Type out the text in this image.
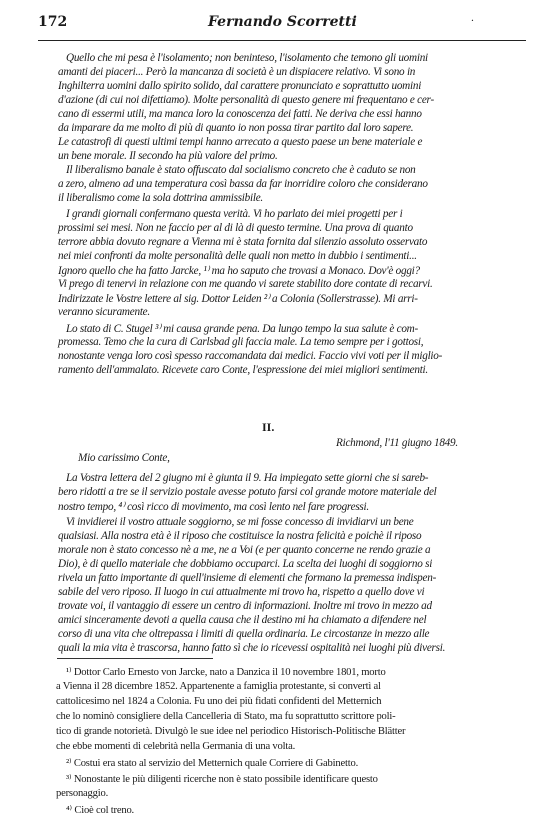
172	Fernando Scorretti	·
Quello che mi pesa è l'isolamento; non beninteso, l'isolamento che temono gli uomini
amanti dei piaceri... Però la mancanza di società è un dispiacere relativo. Vi sono in
Inghilterra uomini dallo spirito solido, dal carattere pronunciato e soprattutto uomini
d'azione (di cui noi difettiamo). Molte personalità di questo genere mi frequentano e cer-
cano di essermi utili, ma manca loro la conoscenza dei fatti. Ne deriva che essi hanno
da imparare da me molto di più di quanto io non possa tirar partito dal loro sapere.
Le catastrofi di questi ultimi tempi hanno arrecato a questo paese un bene materiale e
un bene morale. Il secondo ha più valore del primo.
Il liberalismo banale è stato offuscato dal socialismo concreto che è caduto se non
a zero, almeno ad una temperatura così bassa da far inorridire coloro che considerano
il liberalismo come la sola dottrina ammissibile.
I grandi giornali confermano questa verità. Vi ho parlato dei miei progetti per i
prossimi sei mesi. Non ne faccio per al di là di questo termine. Una prova di quanto
terrore abbia dovuto regnare a Vienna mi è stata fornita dal silenzio assoluto osservato
nei miei confronti da molte personalità delle quali non metto in dubbio i sentimenti...
Ignoro quello che ha fatto Jarcke, ¹⁾ ma ho saputo che trovasi a Monaco. Dov'è oggi?
Vi prego di tenervi in relazione con me quando vi sarete stabilito dore contate di recarvi.
Indirizzate le Vostre lettere al sig. Dottor Leiden ²⁾ a Colonia (Sollerstrasse). Mi arri-
veranno sicuramente.
Lo stato di C. Stugel ³⁾ mi causa grande pena. Da lungo tempo la sua salute è com-
promessa. Temo che la cura di Carlsbad gli faccia male. La temo sempre per i gottosi,
nonostante venga loro così spesso raccomandata dai medici. Faccio vivi voti per il miglio-
ramento dell'ammalato. Ricevete caro Conte, l'espressione dei miei migliori sentimenti.
II.
Richmond, l'11 giugno 1849.
Mio carissimo Conte,
La Vostra lettera del 2 giugno mi è giunta il 9. Ha impiegato sette giorni che si sareb-
bero ridotti a tre se il servizio postale avesse potuto farsi col grande motore materiale del
nostro tempo, ⁴⁾ così ricco di movimento, ma così lento nel fare progressi.
Vi invidierei il vostro attuale soggiorno, se mi fosse concesso di invidiarvi un bene
qualsiasi. Alla nostra età è il riposo che costituisce la nostra felicità e poichè il riposo
morale non è stato concesso nè a me, ne a Voi (e per quanto concerne ne rendo grazie a
Dio), è di quello materiale che dobbiamo occuparci. La scelta dei luoghi di soggiorno si
rivela un fatto importante di quell'insieme di elementi che formano la premessa indispen-
sabile del vero riposo. Il luogo in cui attualmente mi trovo ha, rispetto a quello dove vi
trovate voi, il vantaggio di essere un centro di informazioni. Inoltre mi trovo in mezzo ad
amici sinceramente devoti a quella causa che il destino mi ha chiamato a difendere nel
corso di una vita che oltrepassa i limiti di quella ordinaria. Le circostanze in mezzo alle
quali la mia vita è trascorsa, hanno fatto sì che io ricevessi ospitalità nei luoghi più diversi.
¹⁾ Dottor Carlo Ernesto von Jarcke, nato a Danzica il 10 novembre 1801, morto
a Vienna il 28 dicembre 1852. Appartenente a famiglia protestante, si convertì al
cattolicesimo nel 1824 a Colonia. Fu uno dei più fidati confidenti del Metternich
che lo nominò consigliere della Cancelleria di Stato, ma fu soprattutto scrittore poli-
tico di grande notorietà. Divulgò le sue idee nel periodico Historisch-Politische Blätter
che ebbe momenti di celebrità nella Germania di una volta.
²⁾ Costui era stato al servizio del Metternich quale Corriere di Gabinetto.
³⁾ Nonostante le più diligenti ricerche non è stato possibile identificare questo
personaggio.
⁴⁾ Cioè col treno.
